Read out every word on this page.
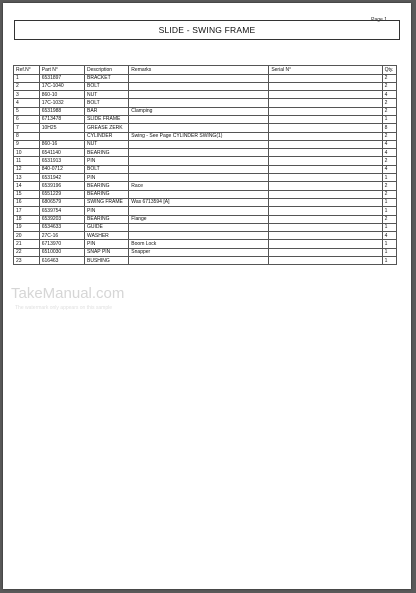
Page 1
SLIDE - SWING FRAME
Ref.N°	Part N°	Description	Remarks	Serial N°	Qty.
1	6531897	BRACKET			2
2	17C-1040	BOLT			2
3	860-10	NUT			4
4	17C-1032	BOLT			2
5	6531988	BAR	Clamping		2
6	6713478	SLIDE FRAME			1
7	10H25	GREASE ZERK			8
8		CYLINDER	Swing - See Page CYLINDER SWING(1)		2
9	860-16	NUT			4
10	6541140	BEARING			4
11	6531913	PIN			2
12	840-0712	BOLT			4
13	6531942	PIN			1
14	6539196	BEARING	Race		2
15	6551229	BEARING			2
16	6806579	SWING FRAME	Was 6713594 [A]		1
17	6539754	PIN			1
18	6539203	BEARING	Flange		2
19	6534633	GUIDE			1
20	27C-16	WASHER			4
21	6713970	PIN	Boom Lock		1
22	6510030	SNAP PIN	Snapper		1
23	616463	BUSHING			1
TakeManual.com
The watermark only appears on this sample
